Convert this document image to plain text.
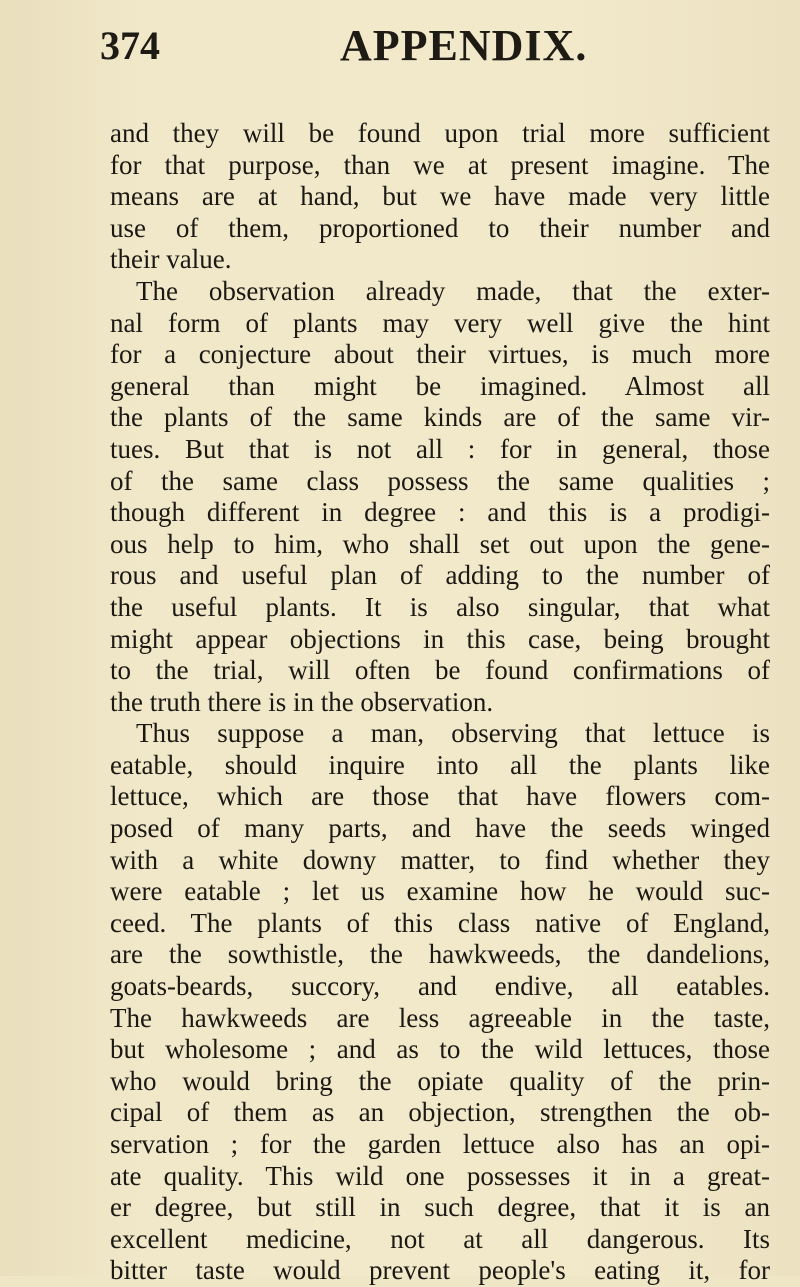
374	APPENDIX.
and they will be found upon trial more sufficient
for that purpose, than we at present imagine. The
means are at hand, but we have made very little
use of them, proportioned to their number and
their value.
The observation already made, that the exter-
nal form of plants may very well give the hint
for a conjecture about their virtues, is much more
general than might be imagined. Almost all
the plants of the same kinds are of the same vir-
tues. But that is not all : for in general, those
of the same class possess the same qualities ;
though different in degree : and this is a prodigi-
ous help to him, who shall set out upon the gene-
rous and useful plan of adding to the number of
the useful plants. It is also singular, that what
might appear objections in this case, being brought
to the trial, will often be found confirmations of
the truth there is in the observation.
Thus suppose a man, observing that lettuce is
eatable, should inquire into all the plants like
lettuce, which are those that have flowers com-
posed of many parts, and have the seeds winged
with a white downy matter, to find whether they
were eatable ; let us examine how he would suc-
ceed. The plants of this class native of England,
are the sowthistle, the hawkweeds, the dandelions,
goats-beards, succory, and endive, all eatables.
The hawkweeds are less agreeable in the taste,
but wholesome ; and as to the wild lettuces, those
who would bring the opiate quality of the prin-
cipal of them as an objection, strengthen the ob-
servation ; for the garden lettuce also has an opi-
ate quality. This wild one possesses it in a great-
er degree, but still in such degree, that it is an
excellent medicine, not at all dangerous. Its
bitter taste would prevent people's eating it, for
